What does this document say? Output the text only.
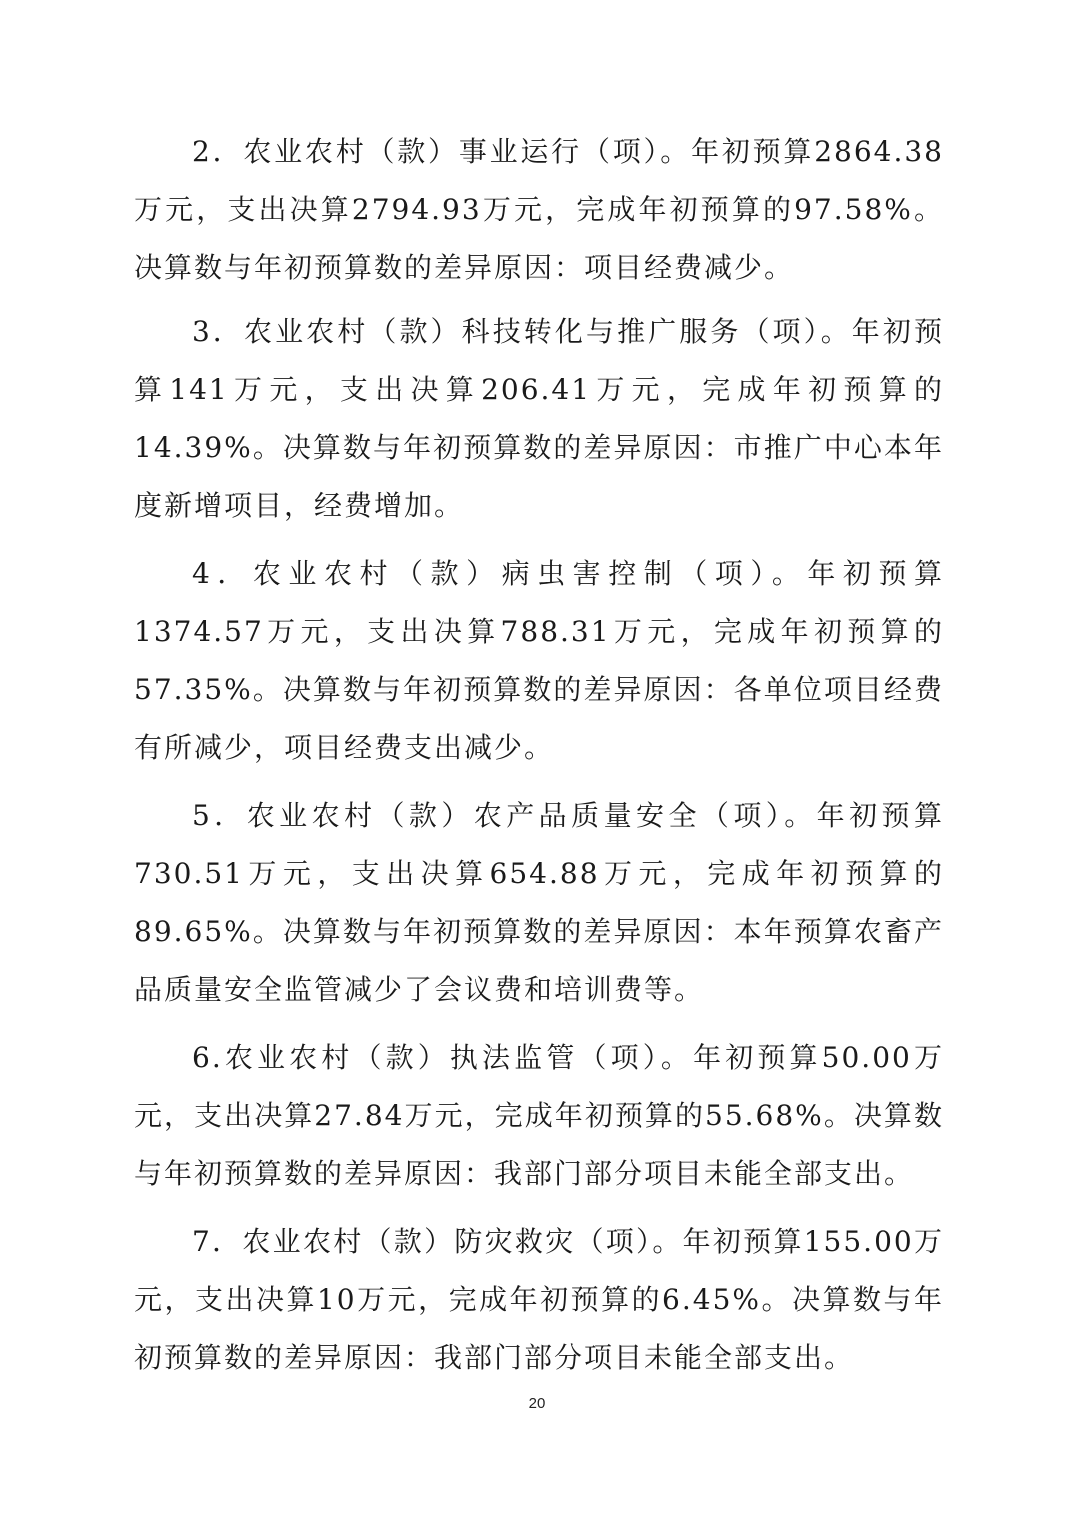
2．农业农村（款）事业运行（项）。年初预算2864.38万元，支出决算2794.93万元，完成年初预算的97.58%。决算数与年初预算数的差异原因：项目经费减少。

3．农业农村（款）科技转化与推广服务（项）。年初预算141万元，支出决算206.41万元，完成年初预算的14.39%。决算数与年初预算数的差异原因：市推广中心本年度新增项目，经费增加。

4．农业农村（款）病虫害控制（项）。年初预算1374.57万元，支出决算788.31万元，完成年初预算的57.35%。决算数与年初预算数的差异原因：各单位项目经费有所减少，项目经费支出减少。

5．农业农村（款）农产品质量安全（项）。年初预算730.51万元，支出决算654.88万元，完成年初预算的89.65%。决算数与年初预算数的差异原因：本年预算农畜产品质量安全监管减少了会议费和培训费等。

6.农业农村（款）执法监管（项）。年初预算50.00万元，支出决算27.84万元，完成年初预算的55.68%。决算数与年初预算数的差异原因：我部门部分项目未能全部支出。

7．农业农村（款）防灾救灾（项）。年初预算155.00万元，支出决算10万元，完成年初预算的6.45%。决算数与年初预算数的差异原因：我部门部分项目未能全部支出。

20
